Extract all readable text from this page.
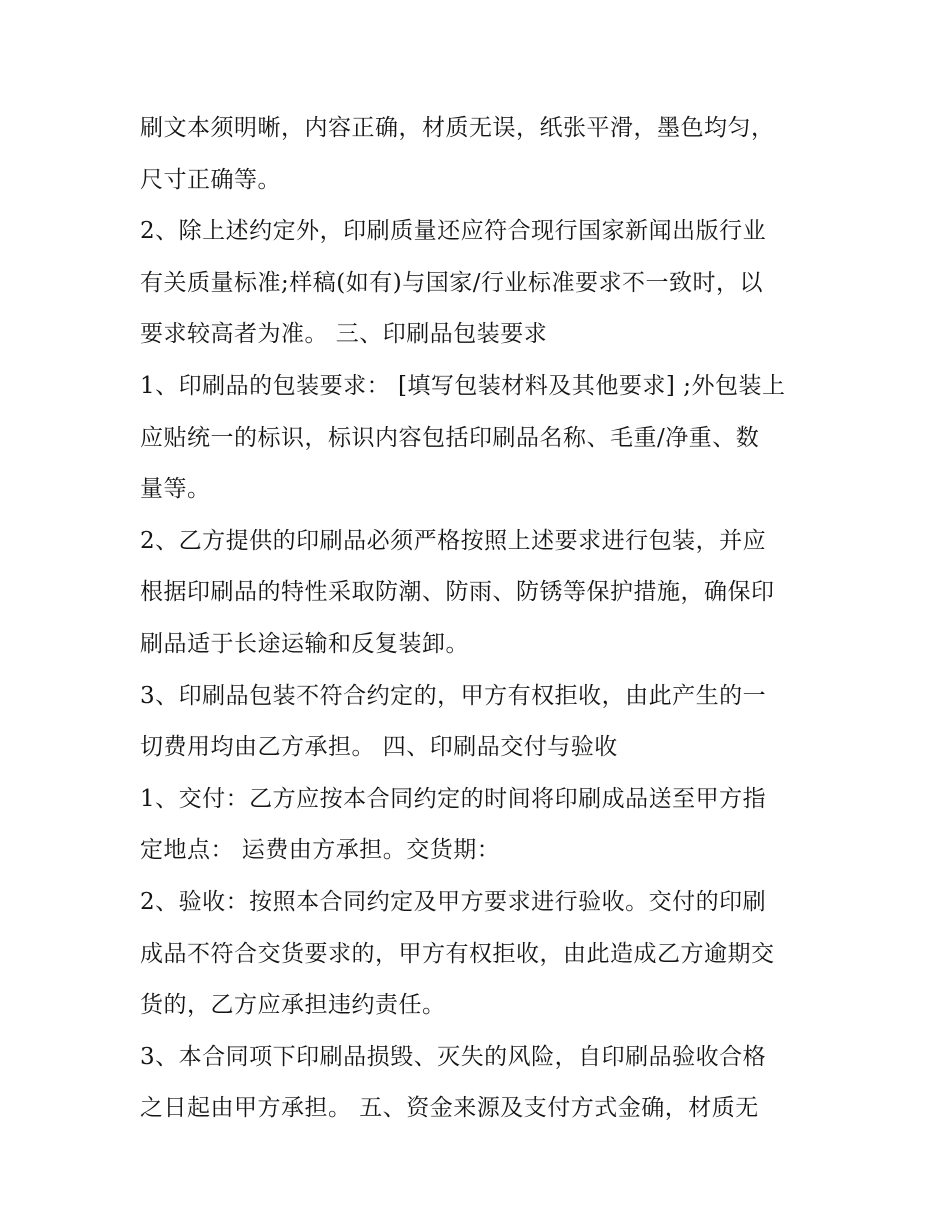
刷文本须明晰，内容正确，材质无误，纸张平滑，墨色均匀，
尺寸正确等。
2、除上述约定外，印刷质量还应符合现行国家新闻出版行业
有关质量标准;样稿(如有)与国家/行业标准要求不一致时，以
要求较高者为准。 三、印刷品包装要求
1、印刷品的包装要求： [填写包装材料及其他要求] ;外包装上
应贴统一的标识，标识内容包括印刷品名称、毛重/净重、数
量等。
2、乙方提供的印刷品必须严格按照上述要求进行包装，并应
根据印刷品的特性采取防潮、防雨、防锈等保护措施，确保印
刷品适于长途运输和反复装卸。
3、印刷品包装不符合约定的，甲方有权拒收，由此产生的一
切费用均由乙方承担。 四、印刷品交付与验收
1、交付：乙方应按本合同约定的时间将印刷成品送至甲方指
定地点： 运费由方承担。交货期：
2、验收：按照本合同约定及甲方要求进行验收。交付的印刷
成品不符合交货要求的，甲方有权拒收，由此造成乙方逾期交
货的，乙方应承担违约责任。
3、本合同项下印刷品损毁、灭失的风险，自印刷品验收合格
之日起由甲方承担。 五、资金来源及支付方式金确，材质无
